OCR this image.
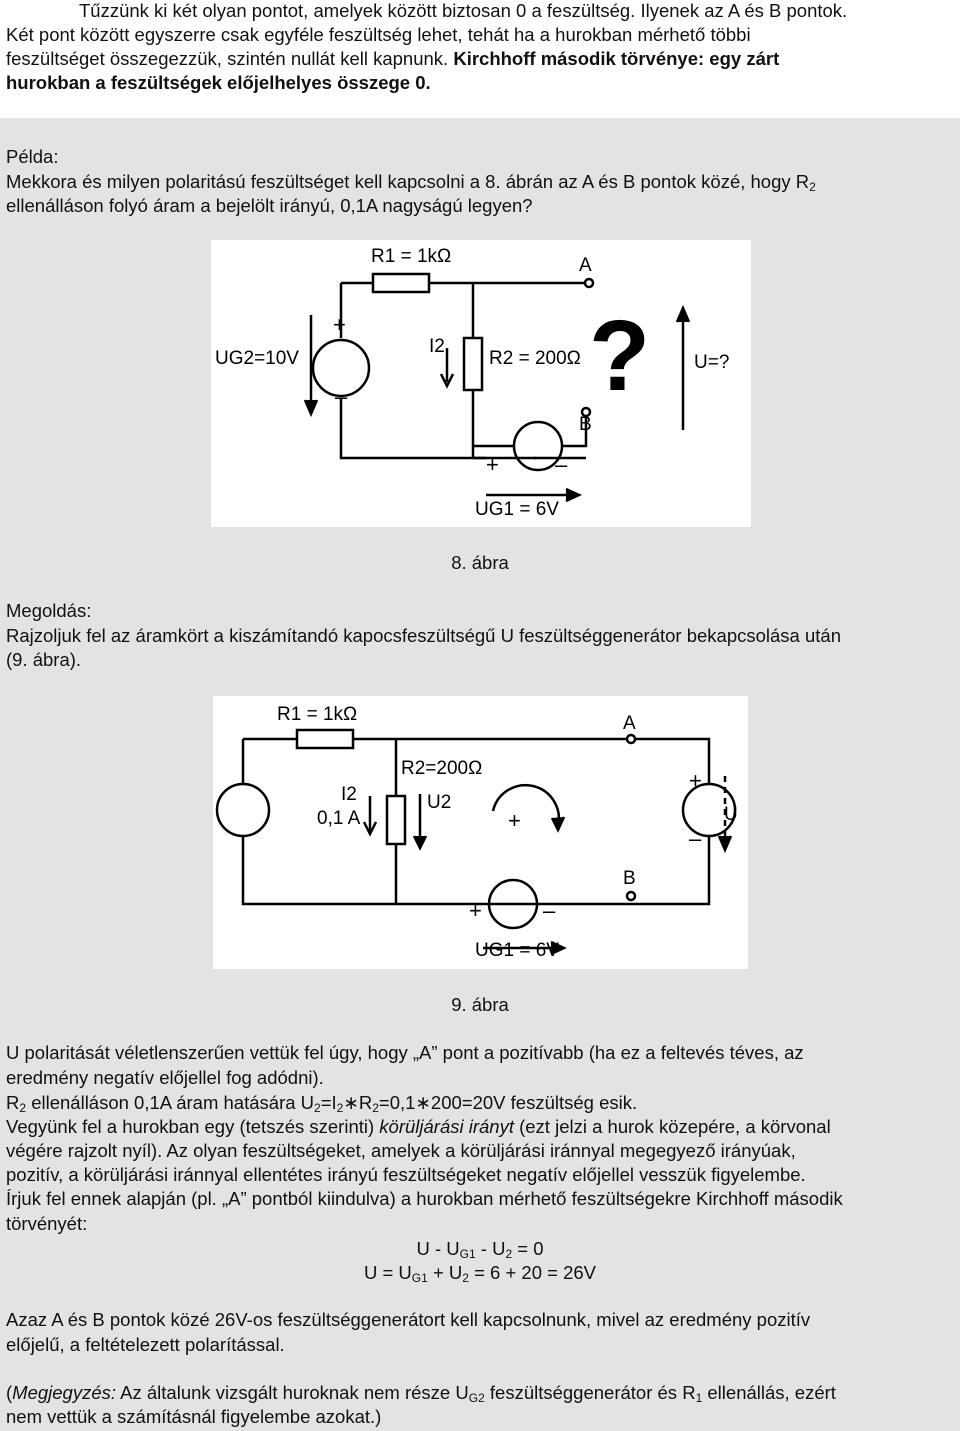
Tűzzünk ki két olyan pontot, amelyek között biztosan 0 a feszültség. Ilyenek az A és B pontok.

Két pont között egyszerre csak egyféle feszültség lehet, tehát ha a hurokban mérhető többi

feszültséget összegezzük, szintén nullát kell kapnunk. Kirchhoff második törvénye: egy zárt

hurokban a feszültségek előjelhelyes összege 0.

Példa:

Mekkora és milyen polaritású feszültséget kell kapcsolni a 8. ábrán az A és B pontok közé, hogy $R_2$

ellenálláson folyó áram a bejelölt irányú, 0,1A nagyságú legyen?

?
R1 = 1kΩ	A
B
UG2=10V
I2
R2 = 200Ω	U=?
UG1 = 6V
+
–
+	–
8. ábra

Megoldás:

Rajzoljuk fel az áramkört a kiszámítandó kapocsfeszültségű U feszültséggenerátor bekapcsolása után

(9. ábra).

R1 = 1kΩ
R2=200Ω
A
B
I2
0,1 A
U2
U
UG1 = 6V
+
+
–
+	–
9. ábra

U polaritását véletlenszerűen vettük fel úgy, hogy „A” pont a pozitívabb (ha ez a feltevés téves, az

eredmény negatív előjellel fog adódni).

$R_2$ ellenálláson 0,1A áram hatására $U_2=I_2∗R_2=0,1∗200=20V$ feszültség esik.

Vegyünk fel a hurokban egy (tetszés szerinti) körüljárási irányt (ezt jelzi a hurok közepére, a körvonal

végére rajzolt nyíl). Az olyan feszültségeket, amelyek a körüljárási iránnyal megegyező irányúak,

pozitív, a körüljárási iránnyal ellentétes irányú feszültségeket negatív előjellel vesszük figyelembe.

Írjuk fel ennek alapján (pl. „A” pontból kiindulva) a hurokban mérhető feszültségekre Kirchhoff második

törvényét:

$U - U_{G1} - U_2 = 0$
$U = U_{G1} + U_2 = 6 + 20 = 26V$

Azaz A és B pontok közé 26V-os feszültséggenerátort kell kapcsolnunk, mivel az eredmény pozitív

előjelű, a feltételezett polarítással.

(Megjegyzés: Az általunk vizsgált huroknak nem része $U_{G2}$ feszültséggenerátor és $R_1$ ellenállás, ezért

nem vettük a számításnál figyelembe azokat.)
